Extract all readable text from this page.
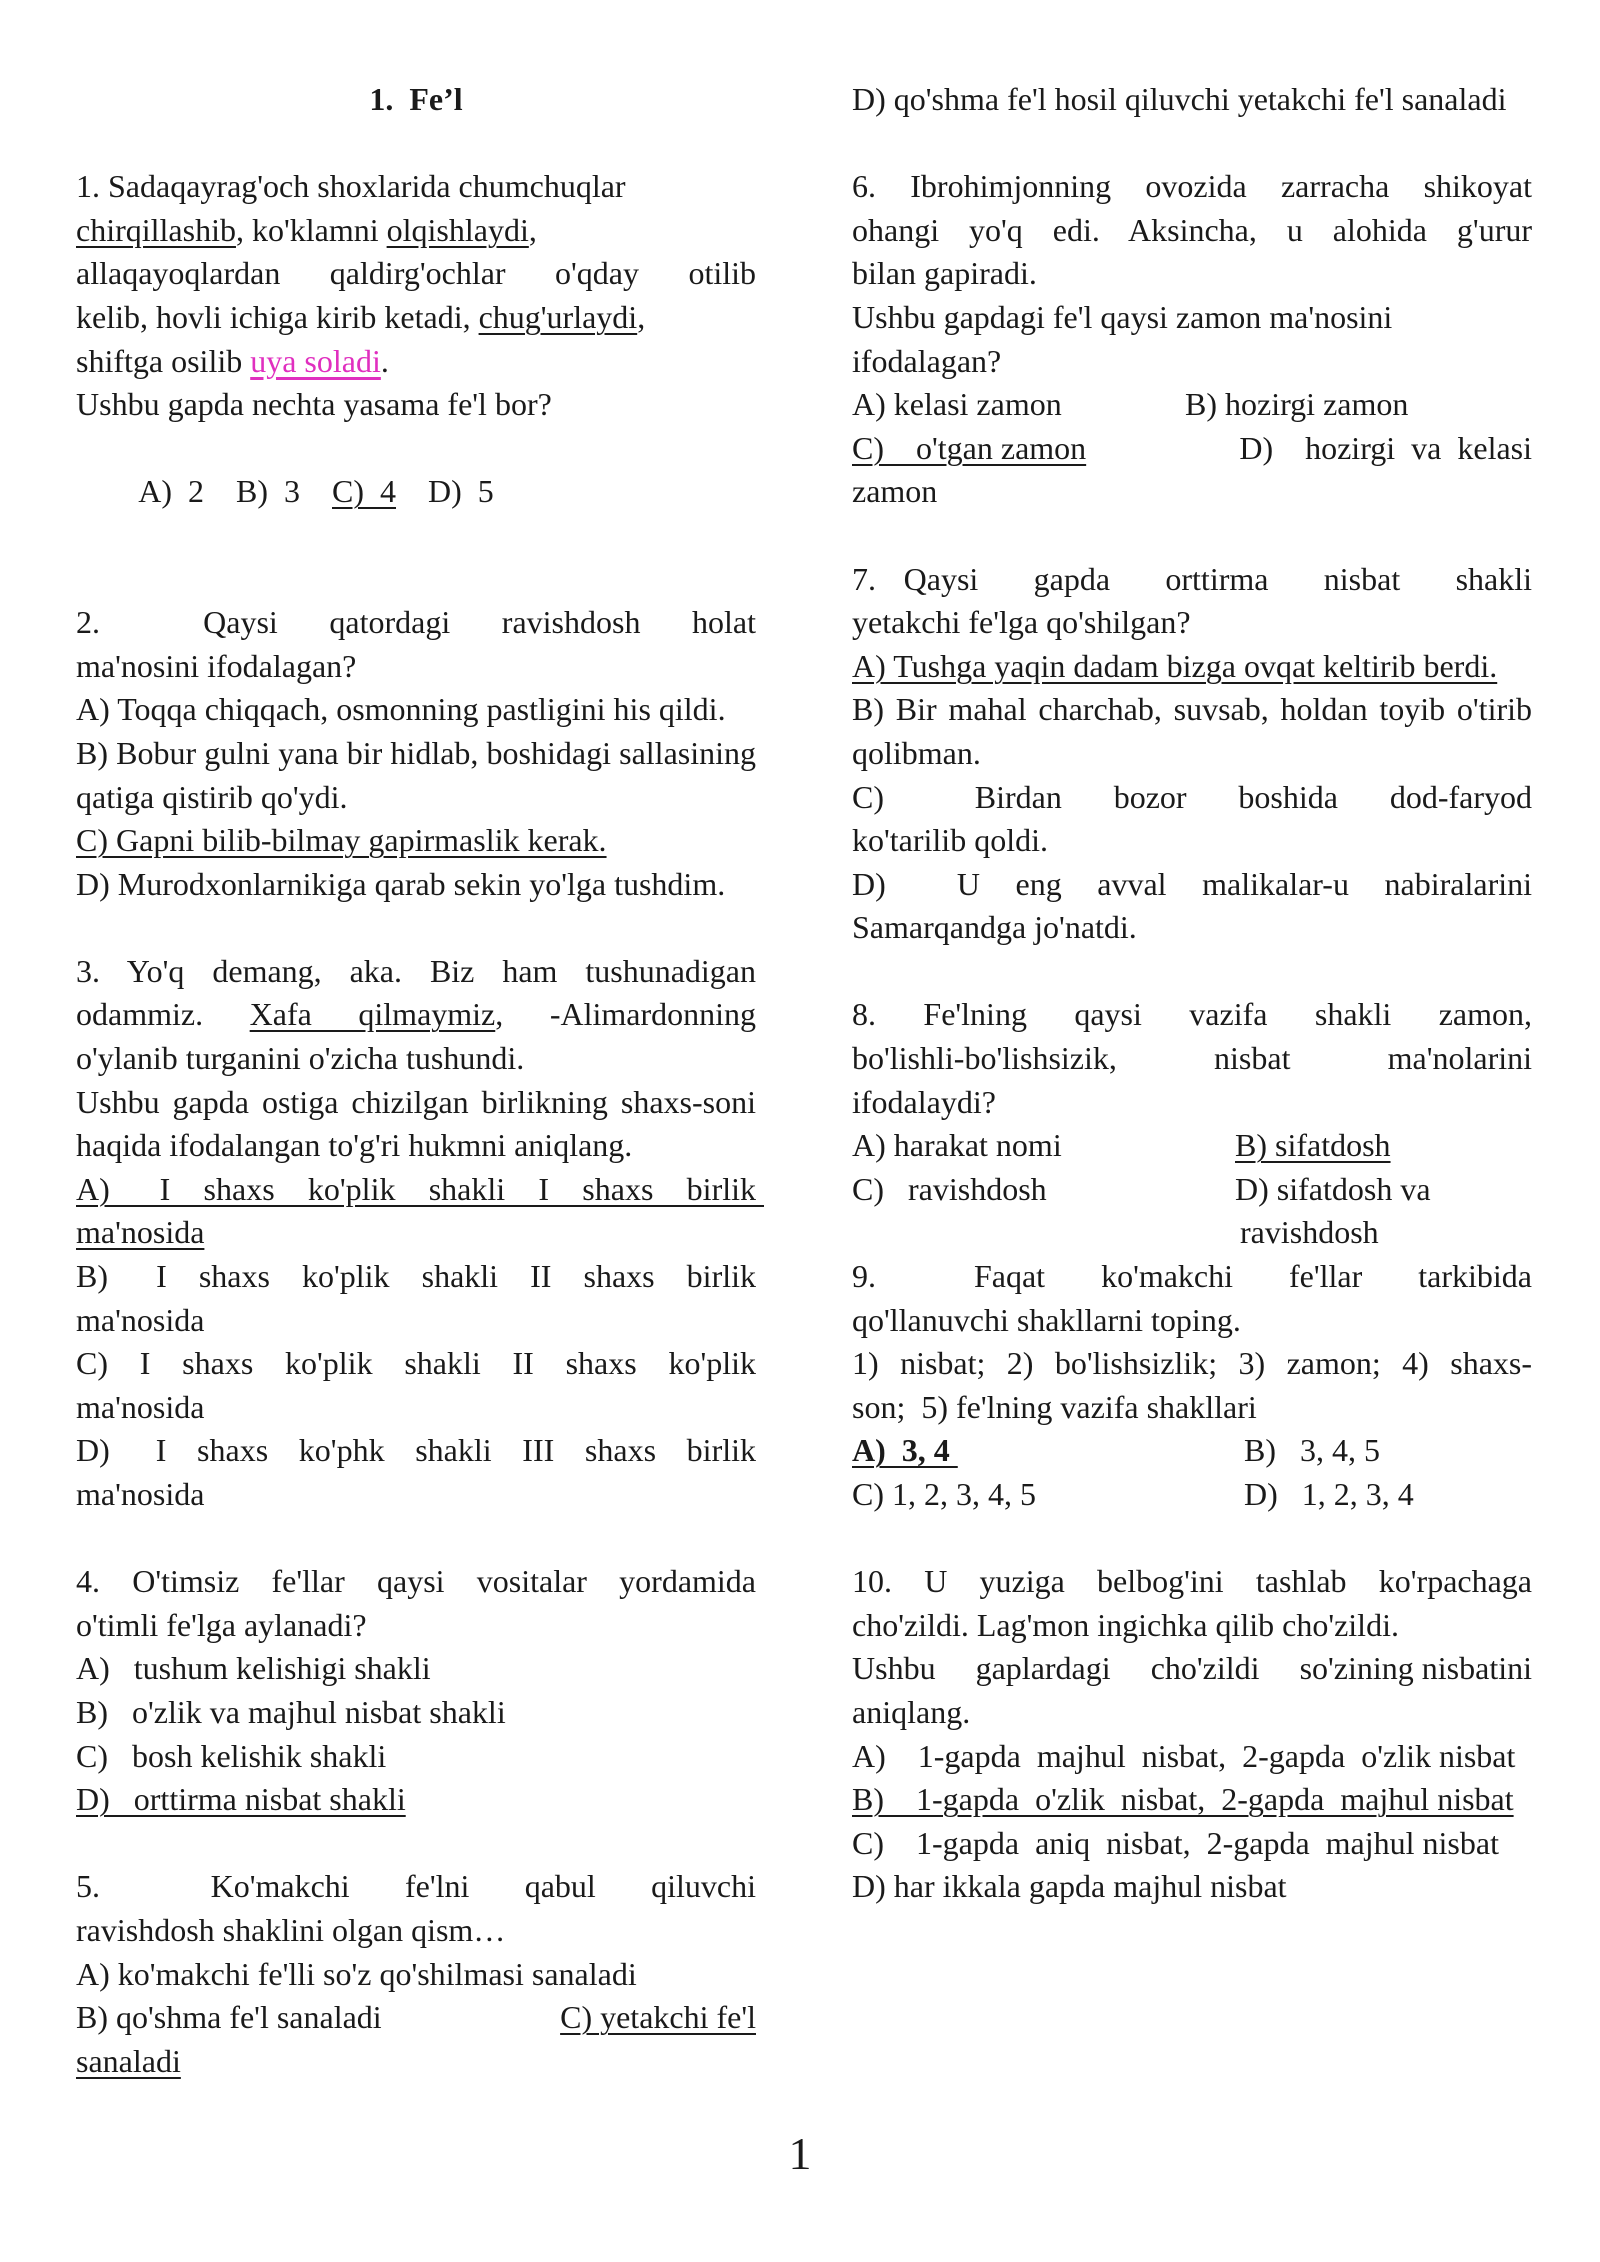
1. Fe’l

1. Sadaqayrag'och shoxlarida chumchuqlar

chirqillashib, ko'klamni olqishlaydi,

allaqayoqlardan qaldirg'ochlar o'qday otilib

kelib, hovli ichiga kirib ketadi, chug'urlaydi,

shiftga osilib uya soladi.

Ushbu gapda nechta yasama fe'l bor?

A)  2 B)  3 C)  4 D)  5

2.        Qaysi    qatordagi    ravishdosh    holat

ma'nosini ifodalagan?

A) Toqqa chiqqach, osmonning pastligini his qildi.

B) Bobur gulni yana bir hidlab, boshidagi sallasining qatiga qistirib qo'ydi.

C) Gapni bilib-bilmay gapirmaslik kerak.

D) Murodxonlarnikiga qarab sekin yo'lga tushdim.

3. Yo'q demang, aka. Biz ham tushunadigan

odammiz. Xafa qilmaymiz, -Alimardonning

o'ylanib turganini o'zicha tushundi.

Ushbu gapda ostiga chizilgan birlikning shaxs-soni haqida ifodalangan to'g'ri hukmni aniqlang.

A)   I  shaxs  ko'plik  shakli  I  shaxs  birlik ma'nosida

B)   I  shaxs  ko'plik  shakli  II  shaxs  birlik ma'nosida

C)  I  shaxs  ko'plik  shakli  II  shaxs  ko'plik ma'nosida

D)   I  shaxs  ko'phk  shakli  III  shaxs  birlik ma'nosida

4. O'timsiz fe'llar qaysi vositalar yordamida

o'timli fe'lga aylanadi?

A)   tushum kelishigi shakli

B)   o'zlik va majhul nisbat shakli

C)   bosh kelishik shakli

D)   orttirma nisbat shakli

5.        Ko'makchi    fe'lni    qabul    qiluvchi

ravishdosh shaklini olgan qism…

A) ko'makchi fe'lli so'z qo'shilmasi sanaladi

B) qo'shma fe'l sanaladi	C) yetakchi fe'l

sanaladi

D) qo'shma fe'l hosil qiluvchi yetakchi fe'l sanaladi

6. Ibrohimjonning ovozida zarracha shikoyat

ohangi yo'q edi. Aksincha, u alohida g'urur

bilan gapiradi.

Ushbu gapdagi fe'l qaysi zamon ma'nosini ifodalagan?

A) kelasi zamon	B) hozirgi zamon

C)    o'tgan zamon	D)    hozirgi  va  kelasi

zamon

7.  Qaysi    gapda    orttirma    nisbat    shakli

yetakchi fe'lga qo'shilgan?

A) Tushga yaqin dadam bizga ovqat keltirib berdi.

B) Bir mahal charchab, suvsab, holdan toyib o'tirib qolibman.

C)       Birdan    bozor    boshida    dod-faryod ko'tarilib qoldi.

D)    U  eng  avval  malikalar-u  nabiralarini Samarqandga jo'natdi.

8. Fe'lning qaysi vazifa shakli zamon,

bo'lishli-bo'lishsizik,      nisbat      ma'nolarini

ifodalaydi?

A) harakat nomi	B) sifatdosh

C)   ravishdosh	D) sifatdosh va

ravishdosh

9.       Faqat    ko'makchi    fe'llar    tarkibida

qo'llanuvchi shakllarni toping.

1) nisbat; 2) bo'lishsizlik; 3) zamon; 4) shaxs-

son;  5) fe'lning vazifa shakllari

A)  3, 4	B)   3, 4, 5

C) 1, 2, 3, 4, 5	D)   1, 2, 3, 4

10. U yuziga belbog'ini tashlab ko'rpachaga

cho'zildi. Lag'mon ingichka qilib cho'zildi.

Ushbu     gaplardagi     cho'zildi     so'zining nisbatini aniqlang.

A)    1-gapda  majhul  nisbat,  2-gapda  o'zlik nisbat

B)    1-gapda  o'zlik  nisbat,  2-gapda  majhul nisbat

C)    1-gapda  aniq  nisbat,  2-gapda  majhul nisbat

D) har ikkala gapda majhul nisbat

1
